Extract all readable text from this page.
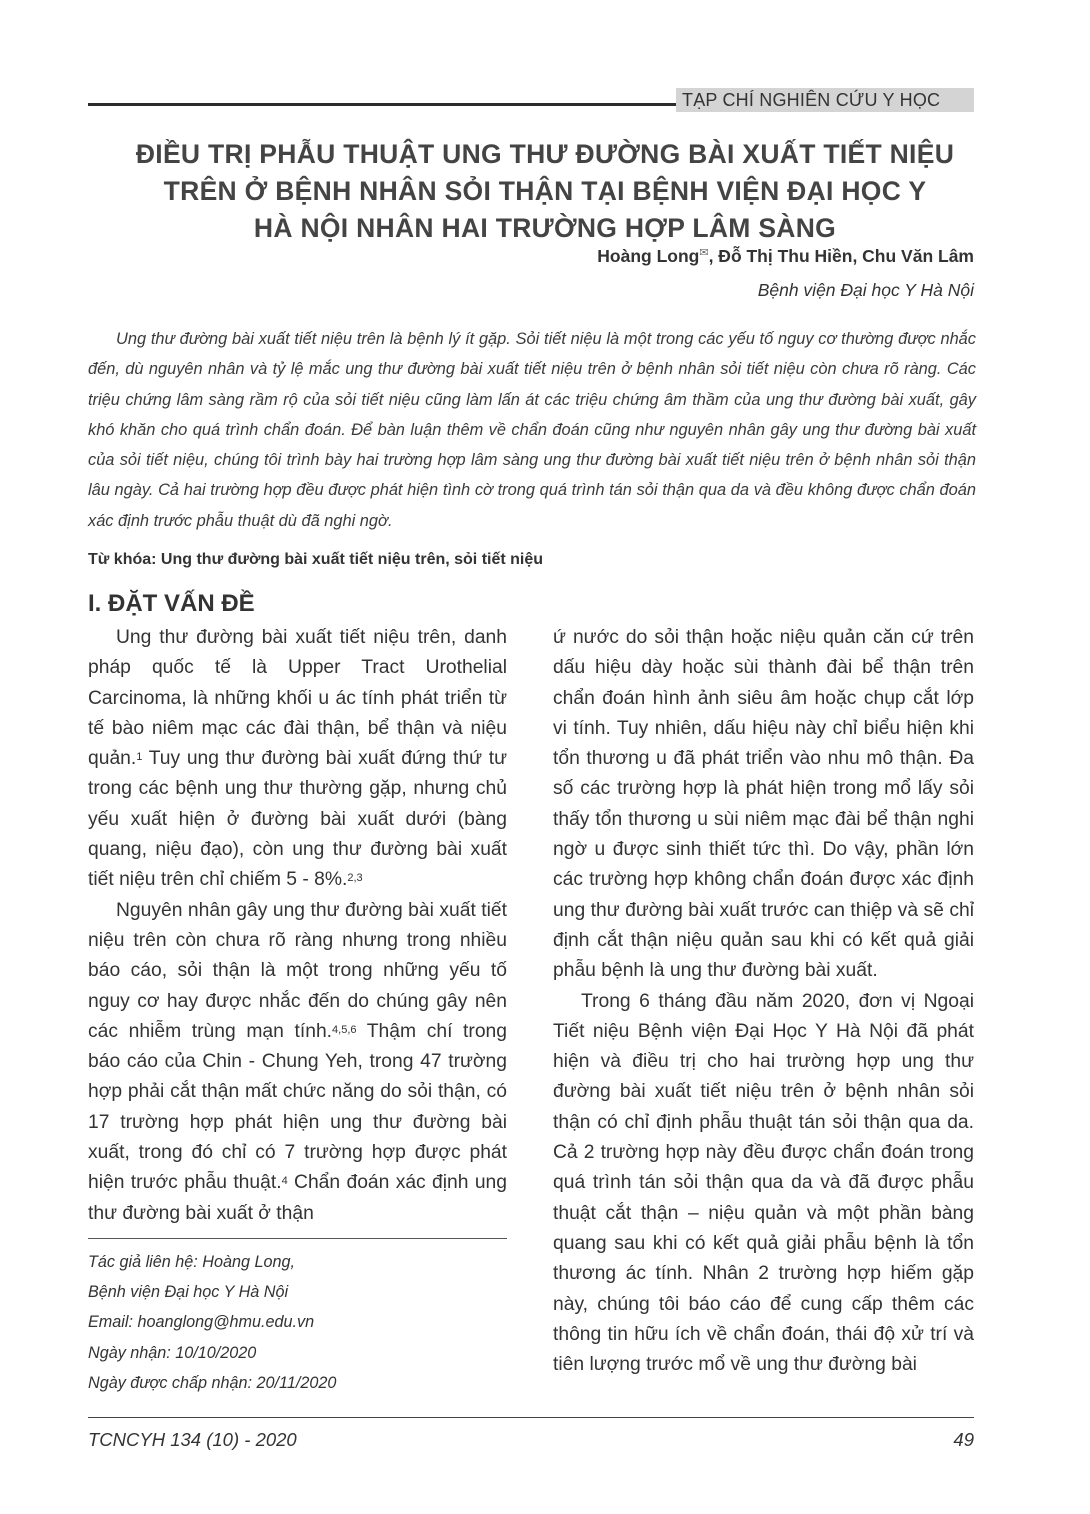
TẠP CHÍ NGHIÊN CỨU Y HỌC
ĐIỀU TRỊ PHẪU THUẬT UNG THƯ ĐƯỜNG BÀI XUẤT TIẾT NIỆU
TRÊN Ở BỆNH NHÂN SỎI THẬN TẠI BỆNH VIỆN ĐẠI HỌC Y
HÀ NỘI NHÂN HAI TRƯỜNG HỢP LÂM SÀNG
Hoàng Long✉, Đỗ Thị Thu Hiền, Chu Văn Lâm
Bệnh viện Đại học Y Hà Nội

Ung thư đường bài xuất tiết niệu trên là bệnh lý ít gặp. Sỏi tiết niệu là một trong các yếu tố nguy cơ thường được nhắc đến, dù nguyên nhân và tỷ lệ mắc ung thư đường bài xuất tiết niệu trên ở bệnh nhân sỏi tiết niệu còn chưa rõ ràng. Các triệu chứng lâm sàng rầm rộ của sỏi tiết niệu cũng làm lấn át các triệu chứng âm thầm của ung thư đường bài xuất, gây khó khăn cho quá trình chẩn đoán. Để bàn luận thêm về chẩn đoán cũng như nguyên nhân gây ung thư đường bài xuất của sỏi tiết niệu, chúng tôi trình bày hai trường hợp lâm sàng ung thư đường bài xuất tiết niệu trên ở bệnh nhân sỏi thận lâu ngày. Cả hai trường hợp đều được phát hiện tình cờ trong quá trình tán sỏi thận qua da và đều không được chẩn đoán xác định trước phẫu thuật dù đã nghi ngờ.

Từ khóa: Ung thư đường bài xuất tiết niệu trên, sỏi tiết niệu
I. ĐẶT VẤN ĐỀ

Ung thư đường bài xuất tiết niệu trên, danh pháp quốc tế là Upper Tract Urothelial Carcinoma, là những khối u ác tính phát triển từ tế bào niêm mạc các đài thận, bể thận và niệu quản.$^1$ Tuy ung thư đường bài xuất đứng thứ tư trong các bệnh ung thư thường gặp, nhưng chủ yếu xuất hiện ở đường bài xuất dưới (bàng quang, niệu đạo), còn ung thư đường bài xuất tiết niệu trên chỉ chiếm 5 - 8%.$^{2,3}$

Nguyên nhân gây ung thư đường bài xuất tiết niệu trên còn chưa rõ ràng nhưng trong nhiều báo cáo, sỏi thận là một trong những yếu tố nguy cơ hay được nhắc đến do chúng gây nên các nhiễm trùng mạn tính.$^{4,5,6}$ Thậm chí trong báo cáo của Chin - Chung Yeh, trong 47 trường hợp phải cắt thận mất chức năng do sỏi thận, có 17 trường hợp phát hiện ung thư đường bài xuất, trong đó chỉ có 7 trường hợp được phát hiện trước phẫu thuật.$^4$ Chẩn đoán xác định ung thư đường bài xuất ở thận

ứ nước do sỏi thận hoặc niệu quản căn cứ trên dấu hiệu dày hoặc sùi thành đài bể thận trên chẩn đoán hình ảnh siêu âm hoặc chụp cắt lớp vi tính. Tuy nhiên, dấu hiệu này chỉ biểu hiện khi tổn thương u đã phát triển vào nhu mô thận. Đa số các trường hợp là phát hiện trong mổ lấy sỏi thấy tổn thương u sùi niêm mạc đài bể thận nghi ngờ u được sinh thiết tức thì. Do vậy, phần lớn các trường hợp không chẩn đoán được xác định ung thư đường bài xuất trước can thiệp và sẽ chỉ định cắt thận niệu quản sau khi có kết quả giải phẫu bệnh là ung thư đường bài xuất.

Trong 6 tháng đầu năm 2020, đơn vị Ngoại Tiết niệu Bệnh viện Đại Học Y Hà Nội đã phát hiện và điều trị cho hai trường hợp ung thư đường bài xuất tiết niệu trên ở bệnh nhân sỏi thận có chỉ định phẫu thuật tán sỏi thận qua da. Cả 2 trường hợp này đều được chẩn đoán trong quá trình tán sỏi thận qua da và đã được phẫu thuật cắt thận – niệu quản và một phần bàng quang sau khi có kết quả giải phẫu bệnh là tổn thương ác tính. Nhân 2 trường hợp hiếm gặp này, chúng tôi báo cáo để cung cấp thêm các thông tin hữu ích về chẩn đoán, thái độ xử trí và tiên lượng trước mổ về ung thư đường bài

Tác giả liên hệ: Hoàng Long,
Bệnh viện Đại học Y Hà Nội
Email: hoanglong@hmu.edu.vn
Ngày nhận: 10/10/2020
Ngày được chấp nhận: 20/11/2020
TCNCYH 134 (10) - 2020	49
